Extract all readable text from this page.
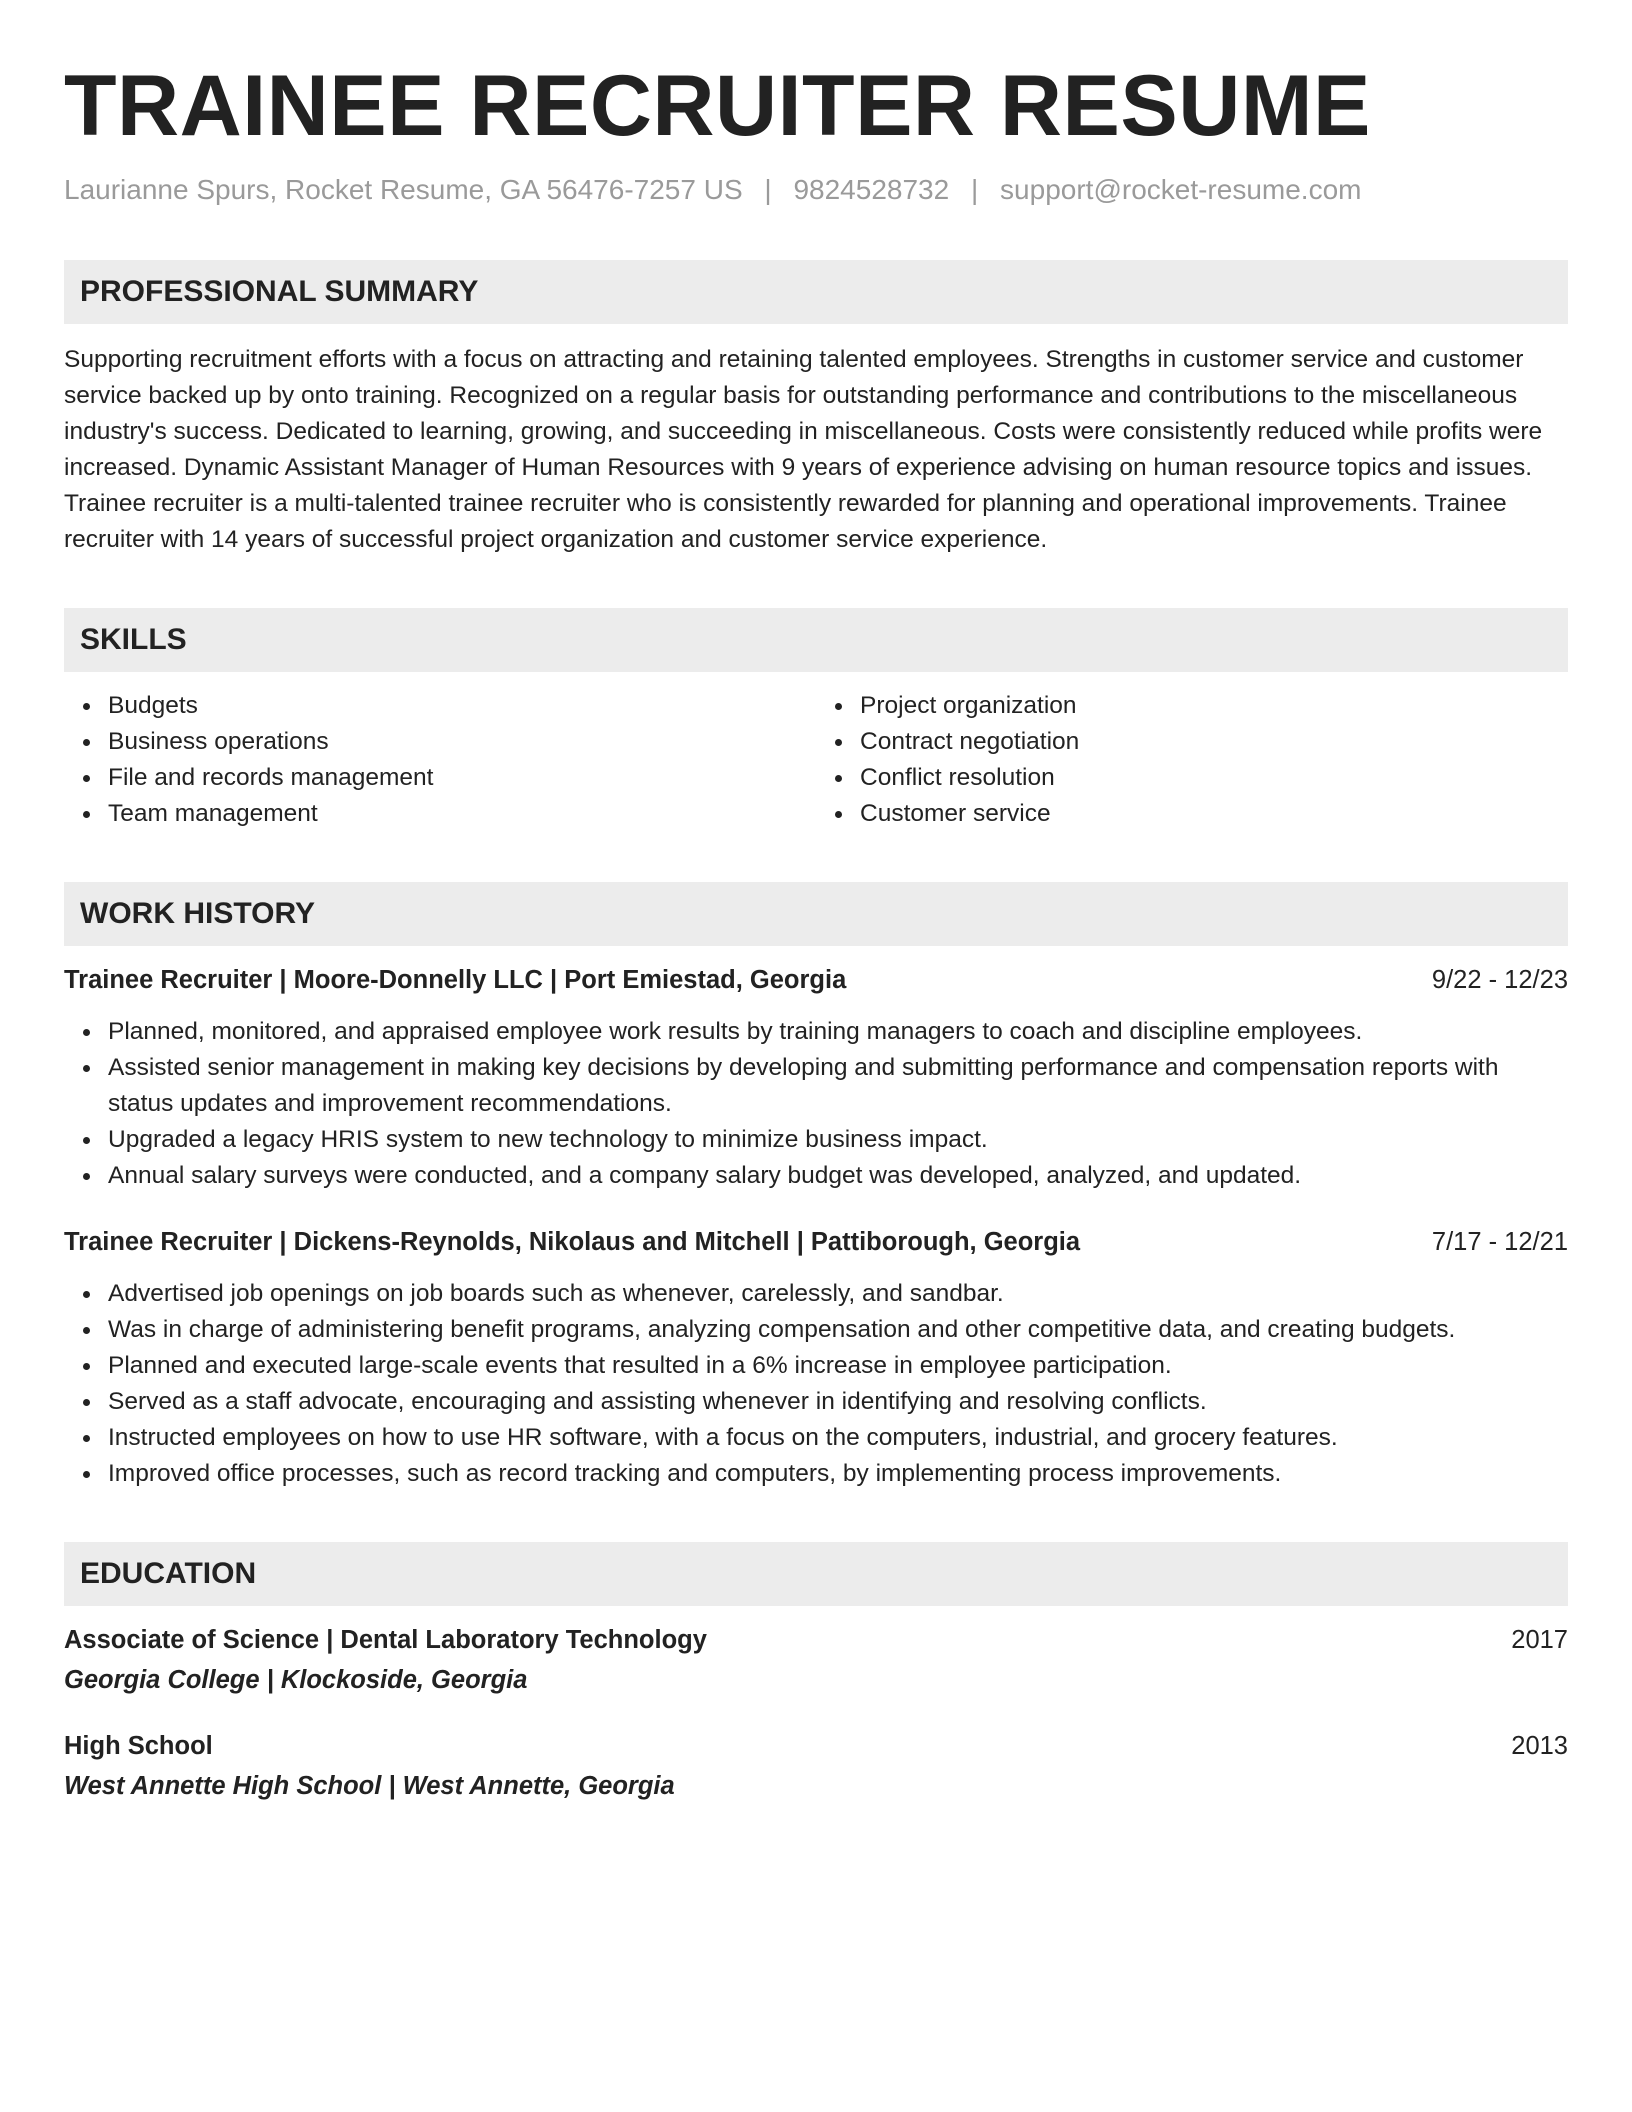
TRAINEE RECRUITER RESUME
Laurianne Spurs, Rocket Resume, GA 56476-7257 US | 9824528732 | support@rocket-resume.com
PROFESSIONAL SUMMARY
Supporting recruitment efforts with a focus on attracting and retaining talented employees. Strengths in customer service and customer service backed up by onto training. Recognized on a regular basis for outstanding performance and contributions to the miscellaneous industry's success. Dedicated to learning, growing, and succeeding in miscellaneous. Costs were consistently reduced while profits were increased. Dynamic Assistant Manager of Human Resources with 9 years of experience advising on human resource topics and issues. Trainee recruiter is a multi-talented trainee recruiter who is consistently rewarded for planning and operational improvements. Trainee recruiter with 14 years of successful project organization and customer service experience.
SKILLS
Budgets
Business operations
File and records management
Team management
Project organization
Contract negotiation
Conflict resolution
Customer service
WORK HISTORY
Trainee Recruiter | Moore-Donnelly LLC | Port Emiestad, Georgia	9/22 - 12/23
Planned, monitored, and appraised employee work results by training managers to coach and discipline employees.
Assisted senior management in making key decisions by developing and submitting performance and compensation reports with status updates and improvement recommendations.
Upgraded a legacy HRIS system to new technology to minimize business impact.
Annual salary surveys were conducted, and a company salary budget was developed, analyzed, and updated.
Trainee Recruiter | Dickens-Reynolds, Nikolaus and Mitchell | Pattiborough, Georgia	7/17 - 12/21
Advertised job openings on job boards such as whenever, carelessly, and sandbar.
Was in charge of administering benefit programs, analyzing compensation and other competitive data, and creating budgets.
Planned and executed large-scale events that resulted in a 6% increase in employee participation.
Served as a staff advocate, encouraging and assisting whenever in identifying and resolving conflicts.
Instructed employees on how to use HR software, with a focus on the computers, industrial, and grocery features.
Improved office processes, such as record tracking and computers, by implementing process improvements.
EDUCATION
Associate of Science | Dental Laboratory Technology	2017
Georgia College | Klockoside, Georgia
High School	2013
West Annette High School | West Annette, Georgia
